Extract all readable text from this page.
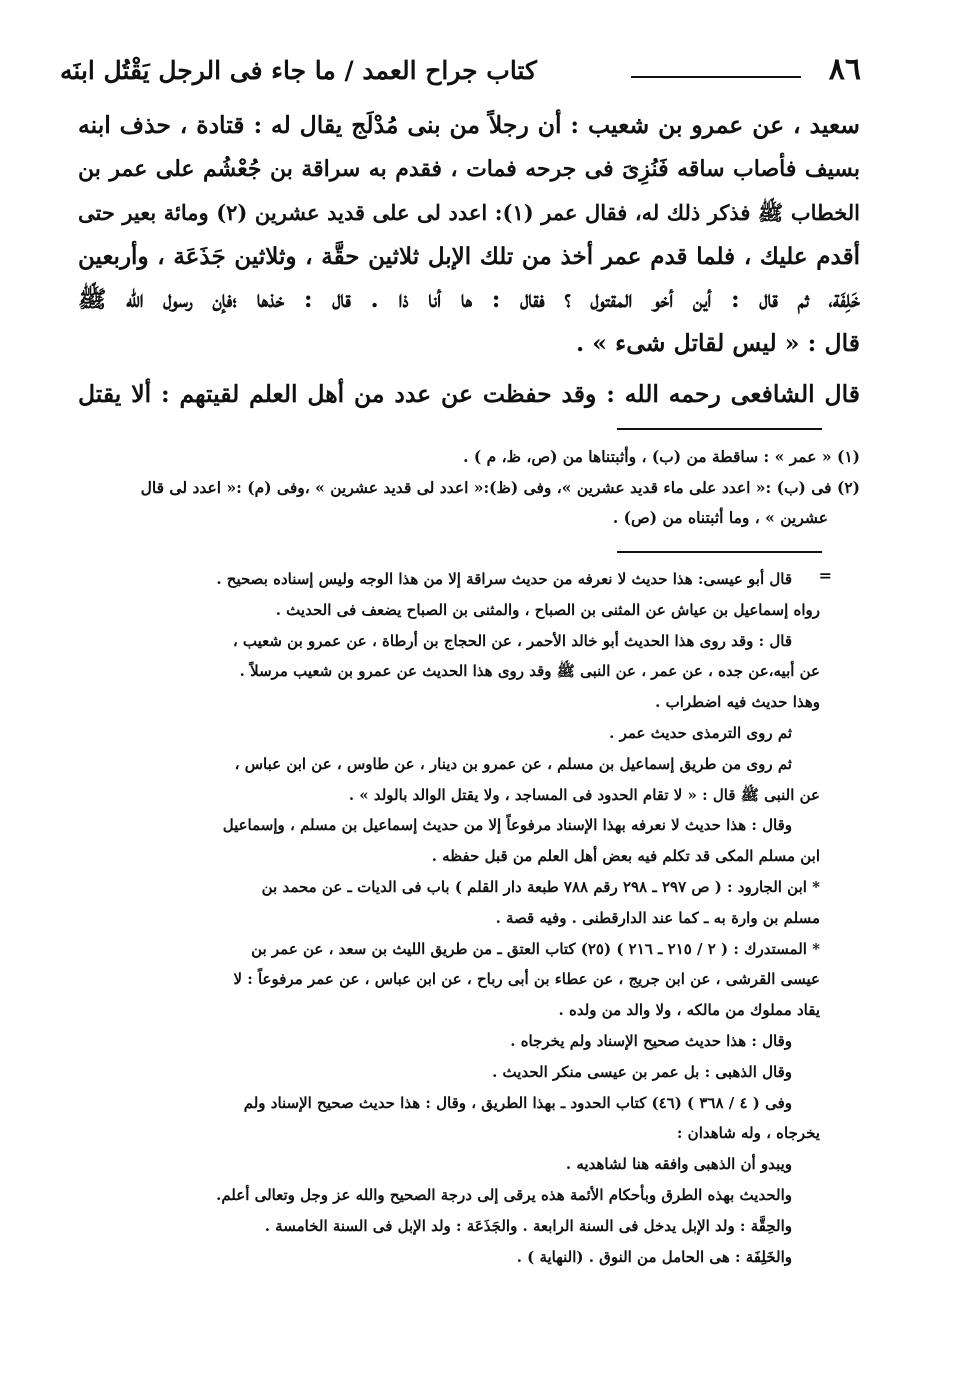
٨٦
كتاب جراح العمد / ما جاء فى الرجل يَقْتُل ابنَه
سعيد ، عن عمرو بن شعيب : أن رجلاً من بنى مُدْلَج يقال له : قتادة ، حذف ابنه
بسيف فأصاب ساقه فَنُزِىَ فى جرحه فمات ، فقدم به سراقة بن جُعْشُم على عمر بن
الخطاب ﷺ فذكر ذلك له، فقال عمر (١): اعدد لى على قديد عشرين (٢) ومائة بعير حتى
أقدم عليك ، فلما قدم عمر أخذ من تلك الإبل ثلاثين حقَّة ، وثلاثين جَذَعَة ، وأربعين
خَلِفَة، ثم قال : أين أخو المقتول ؟ فقال : ها أنا ذا . قال : خذها ؛فإن رسول الله ﷺ
قال : « ليس لقاتل شىء » .
قال الشافعى رحمه الله : وقد حفظت عن عدد من أهل العلم لقيتهم : ألا يقتل
(١) « عمر » : ساقطة من (ب) ، وأثبتناها من (ص، ظ، م ) .
(٢) فى (ب) :« اعدد على ماء قديد عشرين »، وفى (ظ):« اعدد لى قديد عشرين » ،وفى (م) :« اعدد لى قال
عشرين » ، وما أثبتناه من (ص) .
=
قال أبو عيسى: هذا حديث لا نعرفه من حديث سراقة إلا من هذا الوجه وليس إسناده بصحيح .
رواه إسماعيل بن عياش عن المثنى بن الصباح ، والمثنى بن الصباح يضعف فى الحديث .
قال : وقد روى هذا الحديث أبو خالد الأحمر ، عن الحجاج بن أرطاة ، عن عمرو بن شعيب ،
عن أبيه،عن جده ، عن عمر ، عن النبى ﷺ وقد روى هذا الحديث عن عمرو بن شعيب مرسلاً .
وهذا حديث فيه اضطراب .
ثم روى الترمذى حديث عمر .
ثم روى من طريق إسماعيل بن مسلم ، عن عمرو بن دينار ، عن طاوس ، عن ابن عباس ،
عن النبى ﷺ قال : « لا تقام الحدود فى المساجد ، ولا يقتل الوالد بالولد » .
وقال : هذا حديث لا نعرفه بهذا الإسناد مرفوعاً إلا من حديث إسماعيل بن مسلم ، وإسماعيل
ابن مسلم المكى قد تكلم فيه بعض أهل العلم من قبل حفظه .
* ابن الجارود : ( ص ٢٩٧ ـ ٢٩٨ رقم ٧٨٨ طبعة دار القلم ) باب فى الديات ـ عن محمد بن
مسلم بن وارة به ـ كما عند الدارقطنى . وفيه قصة .
* المستدرك : ( ٢ / ٢١٥ ـ ٢١٦ ) (٢٥) كتاب العتق ـ من طريق الليث بن سعد ، عن عمر بن
عيسى القرشى ، عن ابن جريج ، عن عطاء بن أبى رباح ، عن ابن عباس ، عن عمر مرفوعاً : لا
يقاد مملوك من مالكه ، ولا والد من ولده .
وقال : هذا حديث صحيح الإسناد ولم يخرجاه .
وقال الذهبى : بل عمر بن عيسى منكر الحديث .
وفى ( ٤ / ٣٦٨ ) (٤٦) كتاب الحدود ـ بهذا الطريق ، وقال : هذا حديث صحيح الإسناد ولم
يخرجاه ، وله شاهدان :
ويبدو أن الذهبى وافقه هنا لشاهديه .
والحديث بهذه الطرق وبأحكام الأئمة هذه يرقى إلى درجة الصحيح والله عز وجل وتعالى أعلم.
والحِقَّة : ولد الإبل يدخل فى السنة الرابعة . والجَذَعَة : ولد الإبل فى السنة الخامسة .
والخَلِفَة : هى الحامل من النوق . (النهاية ) .
